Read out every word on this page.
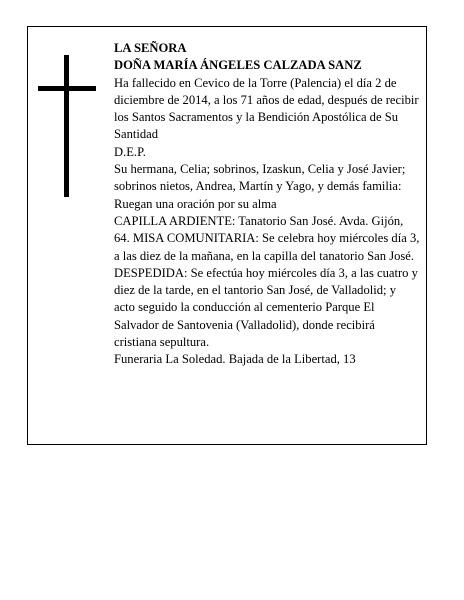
LA SEÑORA

DOÑA MARÍA ÁNGELES CALZADA SANZ

Ha fallecido en Cevico de la Torre (Palencia) el día 2 de diciembre de 2014, a los 71 años de edad, después de recibir los Santos Sacramentos y la Bendición Apostólica de Su Santidad

D.E.P.

Su hermana, Celia; sobrinos, Izaskun, Celia y José Javier; sobrinos nietos, Andrea, Martín y Yago, y demás familia:

Ruegan una oración por su alma

CAPILLA ARDIENTE: Tanatorio San José. Avda. Gijón, 64. MISA COMUNITARIA: Se celebra hoy miércoles día 3, a las diez de la mañana, en la capilla del tanatorio San José.

DESPEDIDA: Se efectúa hoy miércoles día 3, a las cuatro y diez de la tarde, en el tantorio San José, de Valladolid; y acto seguido la conducción al cementerio Parque El Salvador de Santovenia (Valladolid), donde recibirá cristiana sepultura.

Funeraria La Soledad. Bajada de la Libertad, 13
